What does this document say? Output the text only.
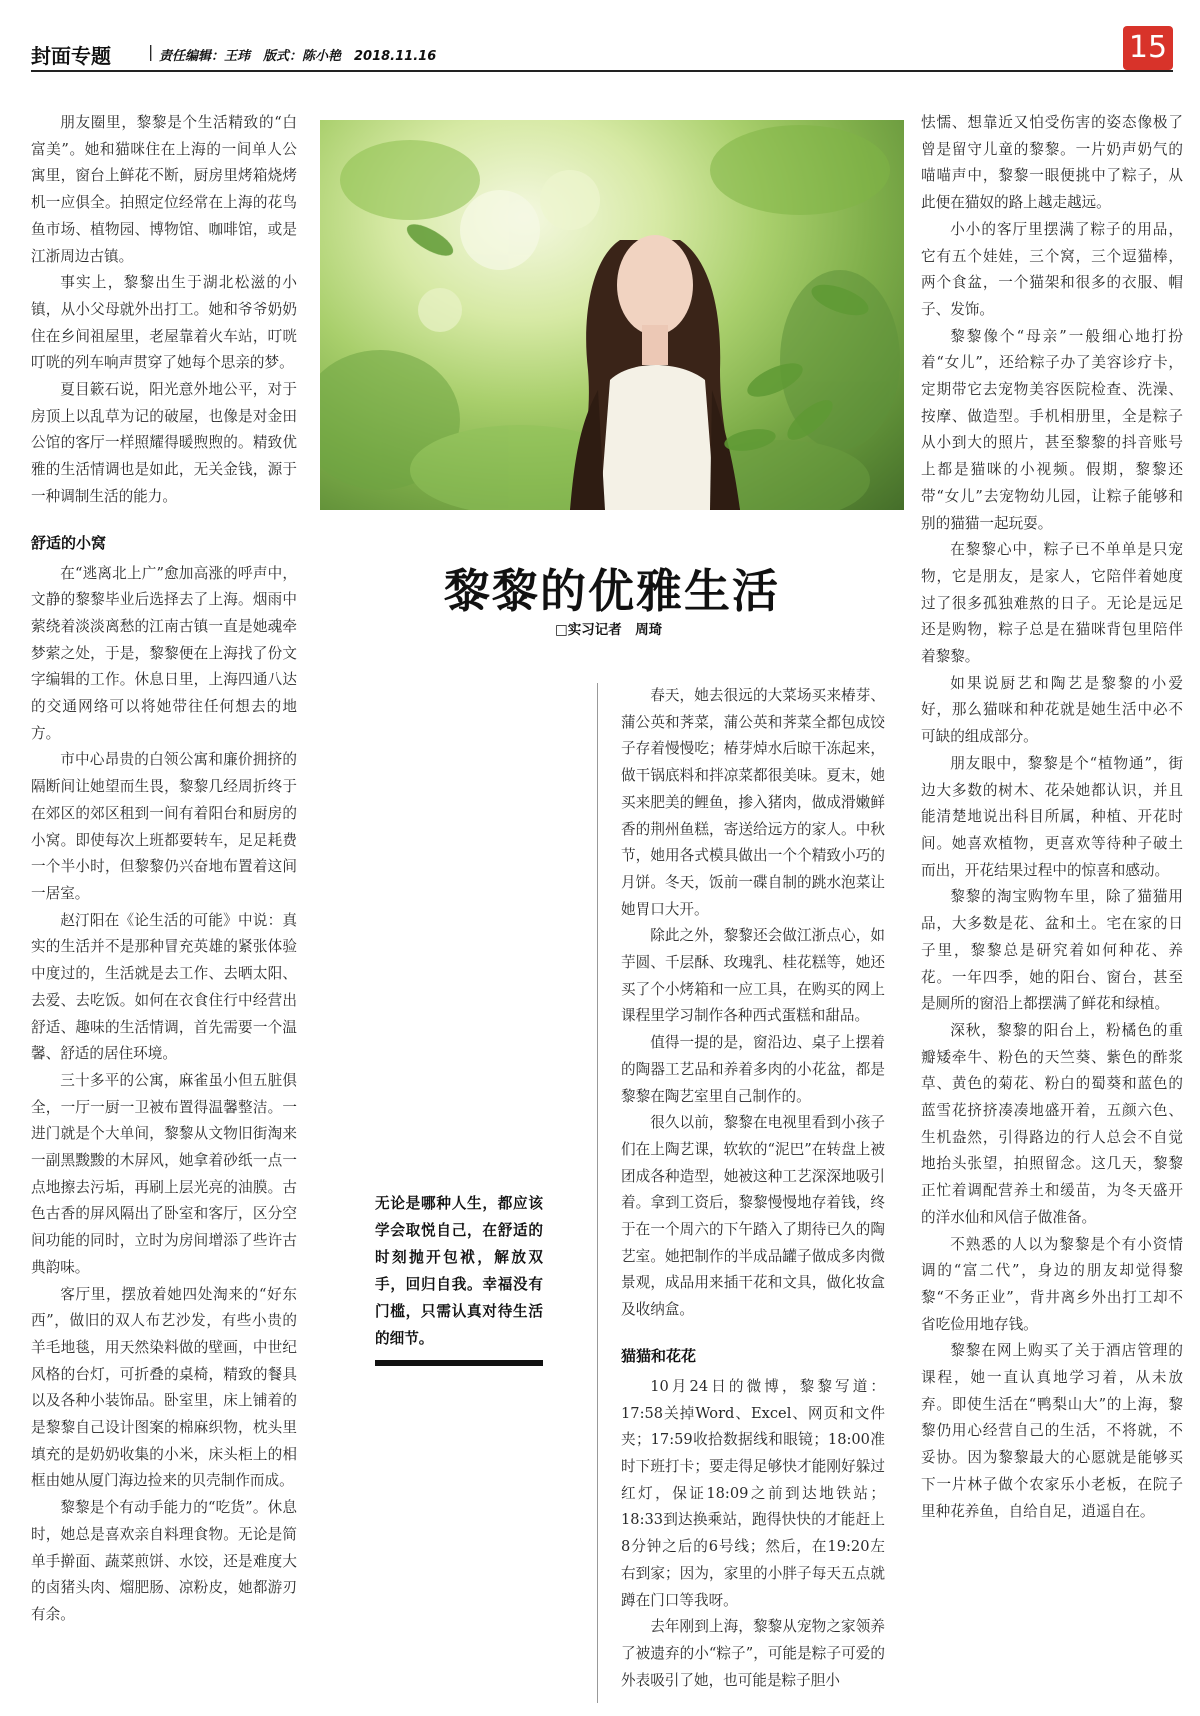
封面专题 | 责任编辑：王玮　版式：陈小艳　2018.11.16	15

朋友圈里，黎黎是个生活精致的“白富美”。她和猫咪住在上海的一间单人公寓里，窗台上鲜花不断，厨房里烤箱烧烤机一应俱全。拍照定位经常在上海的花鸟鱼市场、植物园、博物馆、咖啡馆，或是江浙周边古镇。

事实上，黎黎出生于湖北松滋的小镇，从小父母就外出打工。她和爷爷奶奶住在乡间祖屋里，老屋靠着火车站，叮咣叮咣的列车响声贯穿了她每个思亲的梦。

夏目簌石说，阳光意外地公平，对于房顶上以乱草为记的破屋，也像是对金田公馆的客厅一样照耀得暖煦煦的。精致优雅的生活情调也是如此，无关金钱，源于一种调制生活的能力。

舒适的小窝

在“逃离北上广”愈加高涨的呼声中，文静的黎黎毕业后选择去了上海。烟雨中萦绕着淡淡离愁的江南古镇一直是她魂牵梦萦之处，于是，黎黎便在上海找了份文字编辑的工作。休息日里，上海四通八达的交通网络可以将她带往任何想去的地方。

市中心昂贵的白领公寓和廉价拥挤的隔断间让她望而生畏，黎黎几经周折终于在郊区的郊区租到一间有着阳台和厨房的小窝。即使每次上班都要转车，足足耗费一个半小时，但黎黎仍兴奋地布置着这间一居室。

赵汀阳在《论生活的可能》中说：真实的生活并不是那种冒充英雄的紧张体验中度过的，生活就是去工作、去晒太阳、去爱、去吃饭。如何在衣食住行中经营出舒适、趣味的生活情调，首先需要一个温馨、舒适的居住环境。

三十多平的公寓，麻雀虽小但五脏俱全，一厅一厨一卫被布置得温馨整洁。一进门就是个大单间，黎黎从文物旧街淘来一副黑黢黢的木屏风，她拿着砂纸一点一点地擦去污垢，再刷上层光亮的油膜。古色古香的屏风隔出了卧室和客厅，区分空间功能的同时，立时为房间增添了些许古典韵味。

客厅里，摆放着她四处淘来的“好东西”，做旧的双人布艺沙发，有些小贵的羊毛地毯，用天然染料做的壁画，中世纪风格的台灯，可折叠的桌椅，精致的餐具以及各种小装饰品。卧室里，床上铺着的是黎黎自己设计图案的棉麻织物，枕头里填充的是奶奶收集的小米，床头柜上的相框由她从厦门海边捡来的贝壳制作而成。

黎黎是个有动手能力的“吃货”。休息时，她总是喜欢亲自料理食物。无论是简单手擀面、蔬菜煎饼、水饺，还是难度大的卤猪头肉、熘肥肠、凉粉皮，她都游刃有余。

黎黎的优雅生活
□实习记者　周琦
无论是哪种人生，都应该学会取悦自己，在舒适的时刻抛开包袱，解放双手，回归自我。幸福没有门槛，只需认真对待生活的细节。

春天，她去很远的大菜场买来椿芽、蒲公英和荠菜，蒲公英和荠菜全都包成饺子存着慢慢吃；椿芽焯水后晾干冻起来，做干锅底料和拌凉菜都很美味。夏末，她买来肥美的鲤鱼，掺入猪肉，做成滑嫩鲜香的荆州鱼糕，寄送给远方的家人。中秋节，她用各式模具做出一个个精致小巧的月饼。冬天，饭前一碟自制的跳水泡菜让她胃口大开。

除此之外，黎黎还会做江浙点心，如芋圆、千层酥、玫瑰乳、桂花糕等，她还买了个小烤箱和一应工具，在购买的网上课程里学习制作各种西式蛋糕和甜品。

值得一提的是，窗沿边、桌子上摆着的陶器工艺品和养着多肉的小花盆，都是黎黎在陶艺室里自己制作的。

很久以前，黎黎在电视里看到小孩子们在上陶艺课，软软的“泥巴”在转盘上被团成各种造型，她被这种工艺深深地吸引着。拿到工资后，黎黎慢慢地存着钱，终于在一个周六的下午踏入了期待已久的陶艺室。她把制作的半成品罐子做成多肉微景观，成品用来插干花和文具，做化妆盒及收纳盒。

猫猫和花花

10月24日的微博，黎黎写道：17:58关掉Word、Excel、网页和文件夹；17:59收拾数据线和眼镜；18:00准时下班打卡；要走得足够快才能刚好躲过红灯，保证18:09之前到达地铁站；18:33到达换乘站，跑得快快的才能赶上8分钟之后的6号线；然后，在19:20左右到家；因为，家里的小胖子每天五点就蹲在门口等我呀。

去年刚到上海，黎黎从宠物之家领养了被遗弃的小“粽子”，可能是粽子可爱的外表吸引了她，也可能是粽子胆小

怯懦、想靠近又怕受伤害的姿态像极了曾是留守儿童的黎黎。一片奶声奶气的喵喵声中，黎黎一眼便挑中了粽子，从此便在猫奴的路上越走越远。

小小的客厅里摆满了粽子的用品，它有五个娃娃，三个窝，三个逗猫棒，两个食盆，一个猫架和很多的衣服、帽子、发饰。

黎黎像个“母亲”一般细心地打扮着“女儿”，还给粽子办了美容诊疗卡，定期带它去宠物美容医院检查、洗澡、按摩、做造型。手机相册里，全是粽子从小到大的照片，甚至黎黎的抖音账号上都是猫咪的小视频。假期，黎黎还带“女儿”去宠物幼儿园，让粽子能够和别的猫猫一起玩耍。

在黎黎心中，粽子已不单单是只宠物，它是朋友，是家人，它陪伴着她度过了很多孤独难熬的日子。无论是远足还是购物，粽子总是在猫咪背包里陪伴着黎黎。

如果说厨艺和陶艺是黎黎的小爱好，那么猫咪和种花就是她生活中必不可缺的组成部分。

朋友眼中，黎黎是个“植物通”，街边大多数的树木、花朵她都认识，并且能清楚地说出科目所属，种植、开花时间。她喜欢植物，更喜欢等待种子破土而出，开花结果过程中的惊喜和感动。

黎黎的淘宝购物车里，除了猫猫用品，大多数是花、盆和土。宅在家的日子里，黎黎总是研究着如何种花、养花。一年四季，她的阳台、窗台，甚至是厕所的窗沿上都摆满了鲜花和绿植。

深秋，黎黎的阳台上，粉橘色的重瓣矮牵牛、粉色的天竺葵、紫色的酢浆草、黄色的菊花、粉白的蜀葵和蓝色的蓝雪花挤挤凑凑地盛开着，五颜六色、生机盎然，引得路边的行人总会不自觉地抬头张望，拍照留念。这几天，黎黎正忙着调配营养土和缓苗，为冬天盛开的洋水仙和风信子做准备。

不熟悉的人以为黎黎是个有小资情调的“富二代”，身边的朋友却觉得黎黎“不务正业”，背井离乡外出打工却不省吃俭用地存钱。

黎黎在网上购买了关于酒店管理的课程，她一直认真地学习着，从未放弃。即使生活在“鸭梨山大”的上海，黎黎仍用心经营自己的生活，不将就，不妥协。因为黎黎最大的心愿就是能够买下一片林子做个农家乐小老板，在院子里种花养鱼，自给自足，逍遥自在。
